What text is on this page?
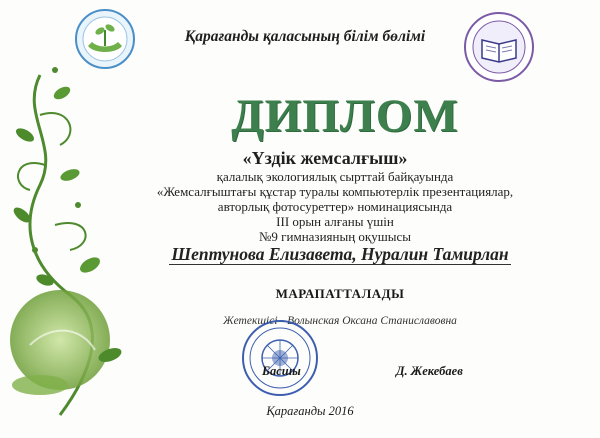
Қарағанды қаласының білім бөлімі
ДИПЛОМ
«Үздік жемсалғыш»
қалалық экологиялық сырттай байқауында
«Жемсалғыштағы құстар туралы компьютерлік презентациялар,
авторлық фотосуреттер» номинациясында
III орын алғаны үшін
№9 гимназияның оқушысы
Шептунова Елизавета, Нуралин Тамирлан
МАРАПАТТАЛАДЫ
Жетекшісі - Волынская Оксана Станиславовна
Басшы	Д. Жекебаев
Қарағанды 2016
